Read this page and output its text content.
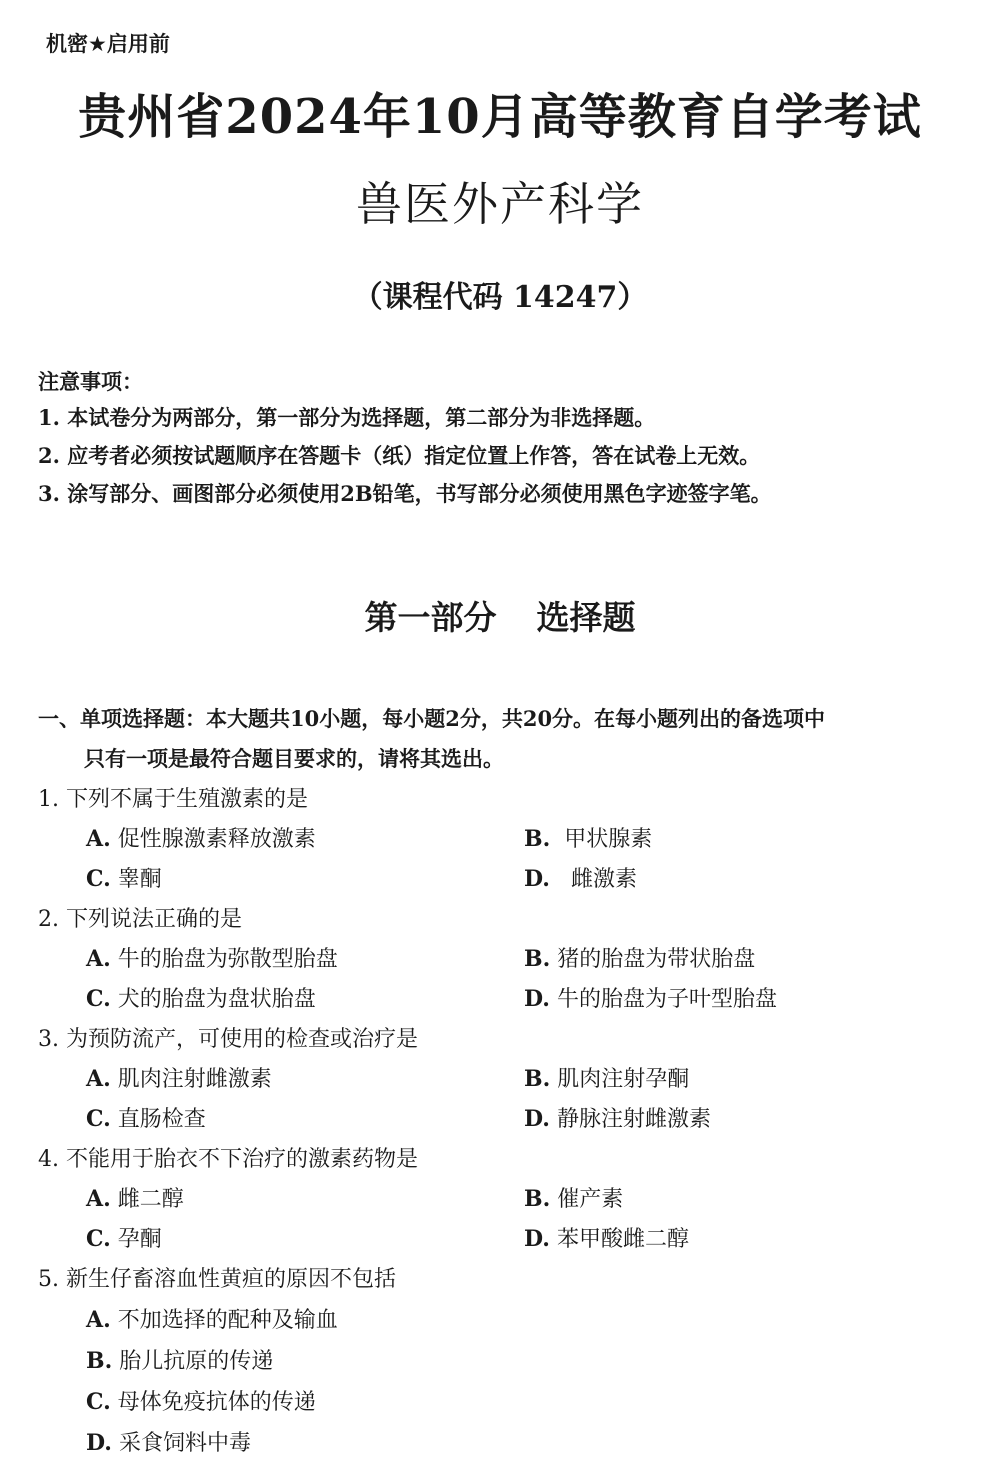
机密★启用前
贵州省2024年10月高等教育自学考试
兽医外产科学
（课程代码 14247）
注意事项：
1. 本试卷分为两部分，第一部分为选择题，第二部分为非选择题。
2. 应考者必须按试题顺序在答题卡（纸）指定位置上作答，答在试卷上无效。
3. 涂写部分、画图部分必须使用2B铅笔，书写部分必须使用黑色字迹签字笔。
第一部分 选择题
一、单项选择题：本大题共10小题，每小题2分，共20分。在每小题列出的备选项中
只有一项是最符合题目要求的，请将其选出。
1. 下列不属于生殖激素的是
A. 促性腺激素释放激素	B. 甲状腺素
C. 睾酮	D. 雌激素
2. 下列说法正确的是
A. 牛的胎盘为弥散型胎盘	B. 猪的胎盘为带状胎盘
C. 犬的胎盘为盘状胎盘	D. 牛的胎盘为子叶型胎盘
3. 为预防流产，可使用的检查或治疗是
A. 肌肉注射雌激素	B. 肌肉注射孕酮
C. 直肠检查	D. 静脉注射雌激素
4. 不能用于胎衣不下治疗的激素药物是
A. 雌二醇	B. 催产素
C. 孕酮	D. 苯甲酸雌二醇
5. 新生仔畜溶血性黄疸的原因不包括
A. 不加选择的配种及输血
B. 胎儿抗原的传递
C. 母体免疫抗体的传递
D. 采食饲料中毒
